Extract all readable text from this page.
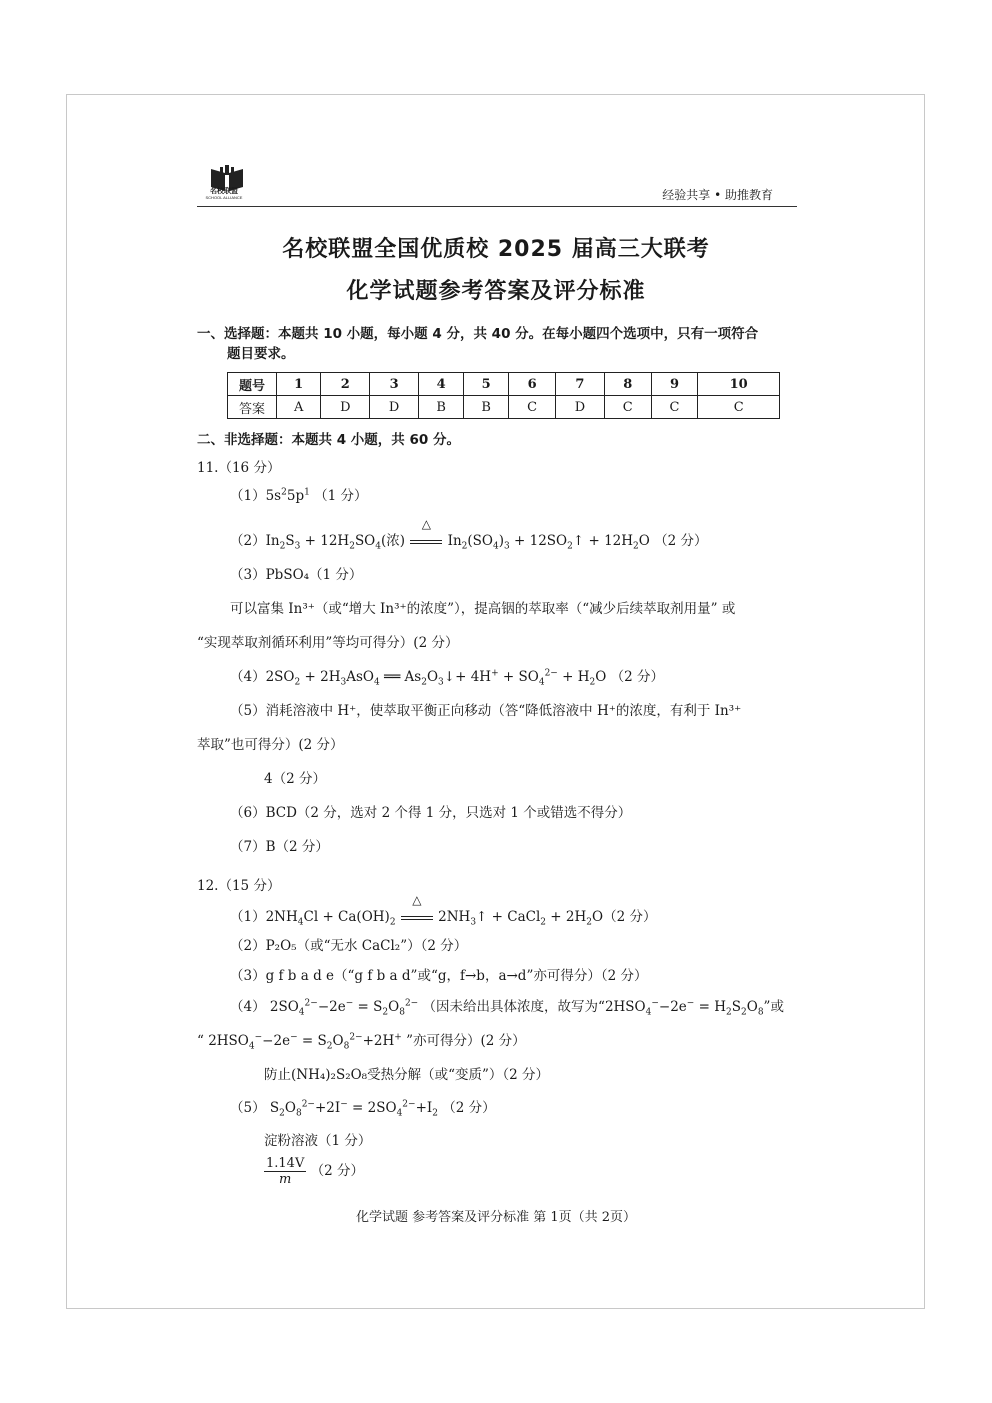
名校联盟
SCHOOL ALLIANCE	经验共享 • 助推教育
名校联盟全国优质校 2025 届高三大联考
化学试题参考答案及评分标准
一、选择题：本题共 10 小题，每小题 4 分，共 40 分。在每小题四个选项中，只有一项符合
题目要求。
题号	1	2	3	4	5	6	7	8	9	10
答案	A	D	D	B	B	C	D	C	C	C
二、非选择题：本题共 4 小题，共 60 分。
11.（16 分）
$(1)5s^25p^1$ （1 分）
$(2)In_2S_3 + 12H_2SO_4$(浓)
△
$In_2(SO_4)_3$ + $12SO_2↑ + 12H_2O$ （2 分）
（3）PbSO₄（1 分）
可以富集 In³⁺（或“增大 In³⁺的浓度”），提高铟的萃取率（“减少后续萃取剂用量” 或
“实现萃取剂循环利用”等均可得分）(2 分）
$(4)2SO_2 + 2H_3AsO_4$ ══ $As_2O_3↓+ 4H^+ + SO_4^{2-} + H_2O$ （2 分）
（5）消耗溶液中 H⁺，使萃取平衡正向移动（答“降低溶液中 H⁺的浓度，有利于 In³⁺
萃取”也可得分）(2 分）
4（2 分）
（6）BCD（2 分，选对 2 个得 1 分，只选对 1 个或错选不得分）
（7）B（2 分）
12.（15 分）
$(1)2NH_4Cl + Ca(OH)_2$
△
$2NH_3↑$ + CaCl$_2$ + $2H_2O(2$ 分）
（2）P₂O₅（或“无水 CaCl₂”）（2 分）
（3）g f b a d e（“g f b a d”或“g，f→b，a→d”亦可得分）（2 分）
（4） $2SO_4^{2-}-2e^- = S_2O_8^{2-}$ （因未给出具体浓度，故写为“$2HSO_4^--2e^- = H_2S_2O_8$”或
“ $2HSO_4^--2e^- = S_2O_8^{2-}+2H^+$ ”亦可得分）(2 分）
防止(NH₄)₂S₂O₈受热分解（或“变质”）（2 分）
（5） $S_2O_8^{2-}+2I^- = 2SO_4^{2-}+I_2$ （2 分）
淀粉溶液（1 分）
$\frac{1.14V}{m} (2$ 分）
化学试题 参考答案及评分标准 第 1页（共 2页）
